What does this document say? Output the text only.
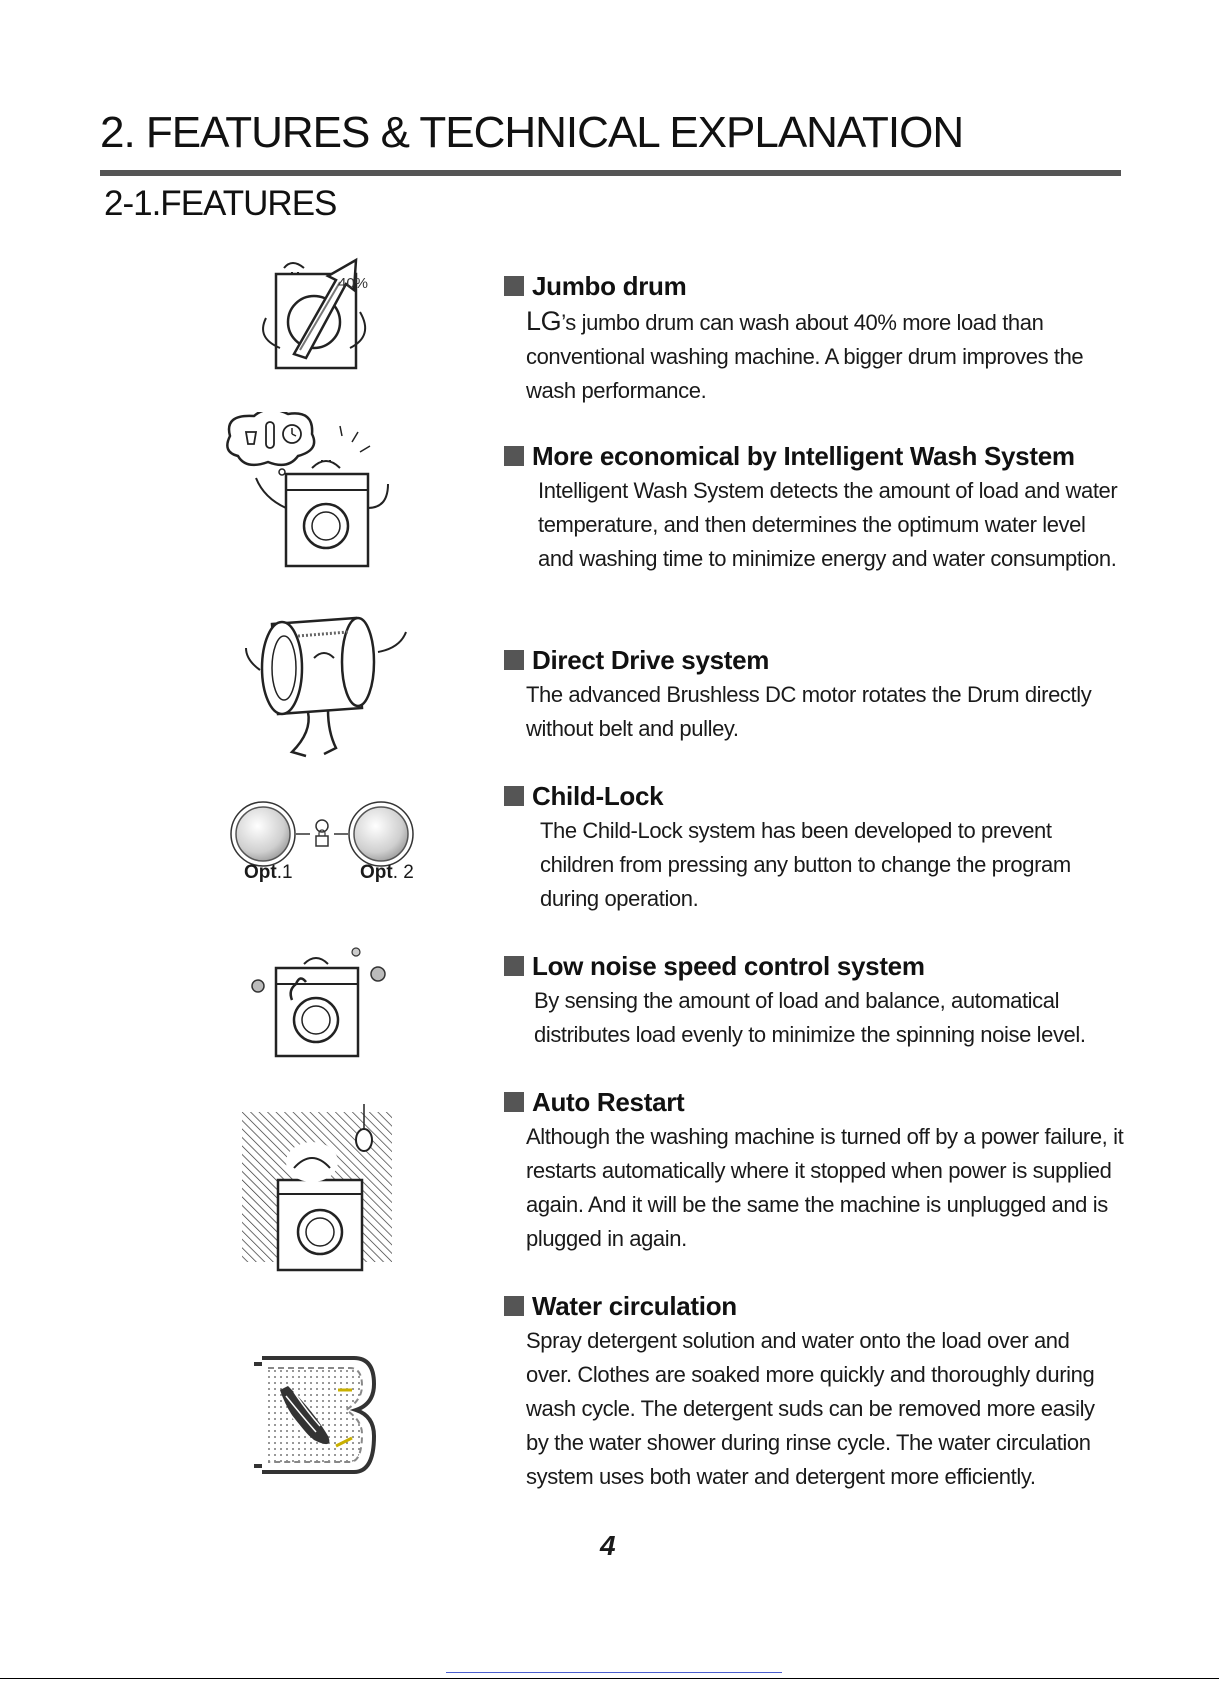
2. FEATURES & TECHNICAL EXPLANATION
2-1.FEATURES
40%
Opt.1	Opt. 2
Jumbo drum
LG’s jumbo drum can wash about 40% more load than conventional washing machine. A bigger drum improves the wash performance.
More economical by Intelligent Wash System
Intelligent Wash System detects the amount of load and water temperature, and then determines the optimum water level and washing time to minimize energy and water consumption.
Direct Drive system
The advanced Brushless DC motor rotates the Drum directly without belt and pulley.
Child-Lock
The Child-Lock system has been developed to prevent children from pressing any button to change the program during operation.
Low noise speed control system
By sensing the amount of load and balance, automatical distributes load evenly to minimize the spinning noise level.
Auto Restart
Although the washing machine is turned off by a power failure, it restarts automatically where it stopped when power is supplied again. And it will be the same the machine is unplugged and is plugged in again.
Water circulation
Spray detergent solution and water onto the load over and over. Clothes are soaked more quickly and thoroughly during wash cycle. The detergent suds can be removed more easily by the water shower during rinse cycle. The water circulation system uses both water and detergent more efficiently.
4
